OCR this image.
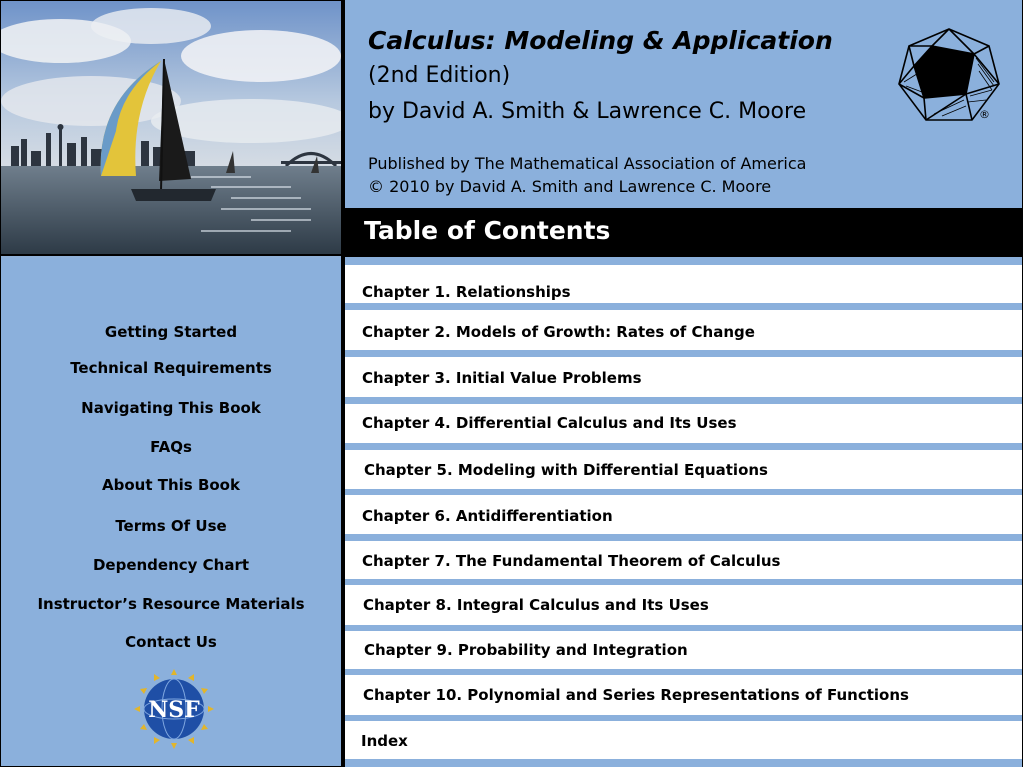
Calculus: Modeling & Application
(2nd Edition)
by David A. Smith & Lawrence C. Moore
Published by The Mathematical Association of America
© 2010 by David A. Smith and Lawrence C. Moore
®
Table of Contents
Getting Started
Technical Requirements
Navigating This Book
FAQs
About This Book
Terms Of Use
Dependency Chart
Instructor’s Resource Materials
Contact Us
NSF
Chapter 1. Relationships
Chapter 2. Models of Growth: Rates of Change
Chapter 3. Initial Value Problems
Chapter 4. Differential Calculus and Its Uses
Chapter 5. Modeling with Differential Equations
Chapter 6. Antidifferentiation
Chapter 7. The Fundamental Theorem of Calculus
Chapter 8. Integral Calculus and Its Uses
Chapter 9. Probability and Integration
Chapter 10. Polynomial and Series Representations of Functions
Index
